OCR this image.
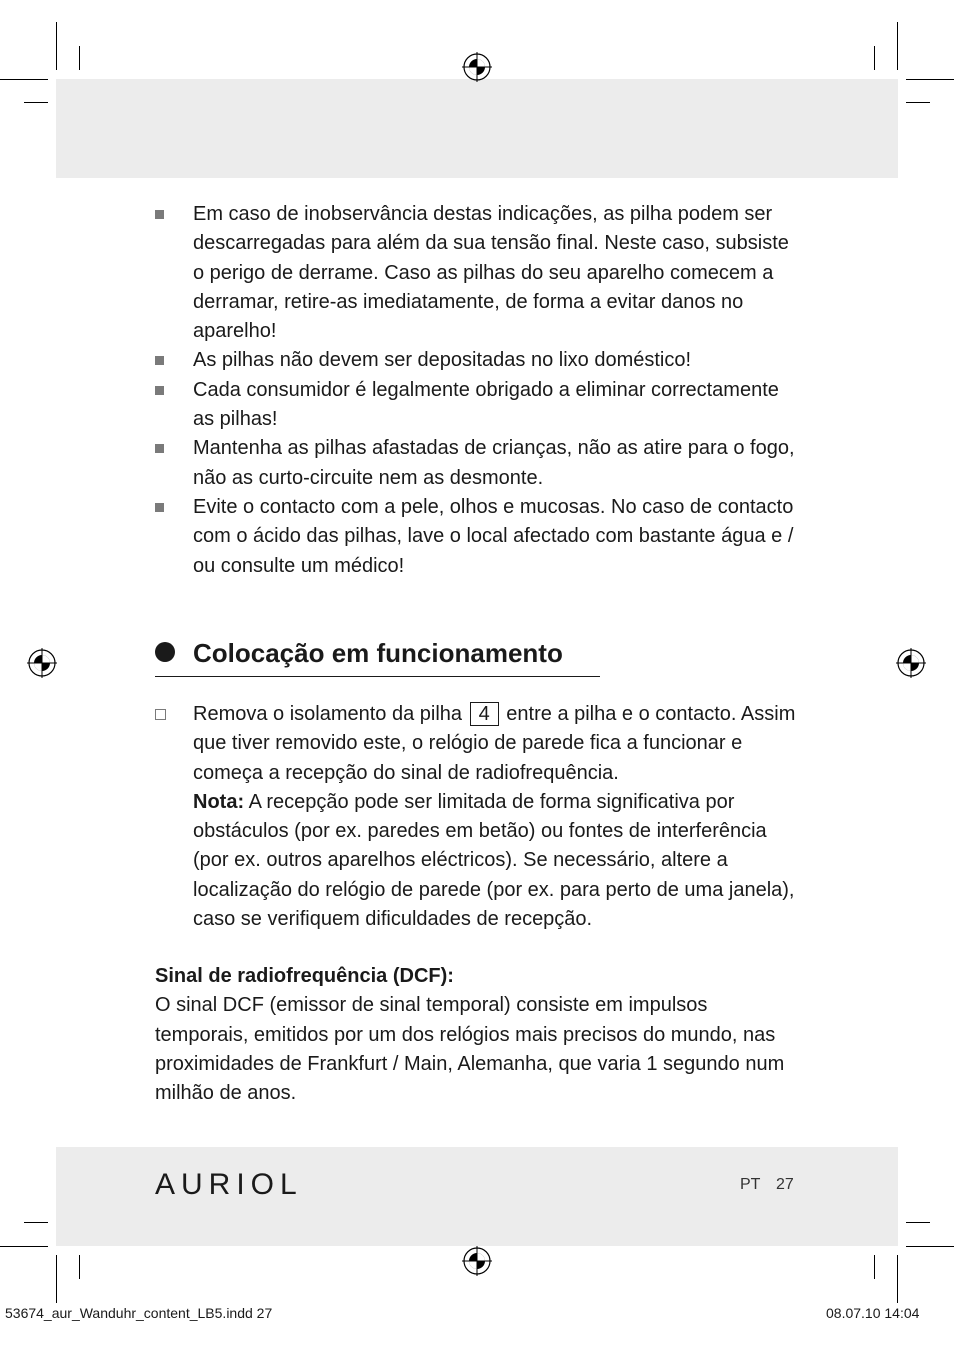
Em caso de inobservância destas indicações, as pilha podem ser descarregadas para além da sua tensão final. Neste caso, subsiste o perigo de derrame. Caso as pilhas do seu aparelho comecem a derramar, retire-as imediatamente, de forma a evitar danos no aparelho!
As pilhas não devem ser depositadas no lixo doméstico!
Cada consumidor é legalmente obrigado a eliminar correctamente as pilhas!
Mantenha as pilhas afastadas de crianças, não as atire para o fogo, não as curto-circuite nem as desmonte.
Evite o contacto com a pele, olhos e mucosas. No caso de contacto com o ácido das pilhas, lave o local afectado com bastante água e / ou consulte um médico!
Colocação em funcionamento
Remova o isolamento da pilha 4 entre a pilha e o contacto. Assim que tiver removido este, o relógio de parede fica a funcionar e começa a recepção do sinal de radiofrequência.
Nota: A recepção pode ser limitada de forma significativa por obstáculos (por ex. paredes em betão) ou fontes de interferência (por ex. outros aparelhos eléctricos). Se necessário, altere a localização do relógio de parede (por ex. para perto de uma janela), caso se verifiquem dificuldades de recepção.
Sinal de radiofrequência (DCF):

O sinal DCF (emissor de sinal temporal) consiste em impulsos temporais, emitidos por um dos relógios mais precisos do mundo, nas proximidades de Frankfurt / Main, Alemanha, que varia 1 segundo num milhão de anos.

AURIOL	PT 27
53674_aur_Wanduhr_content_LB5.indd 27	08.07.10 14:04
